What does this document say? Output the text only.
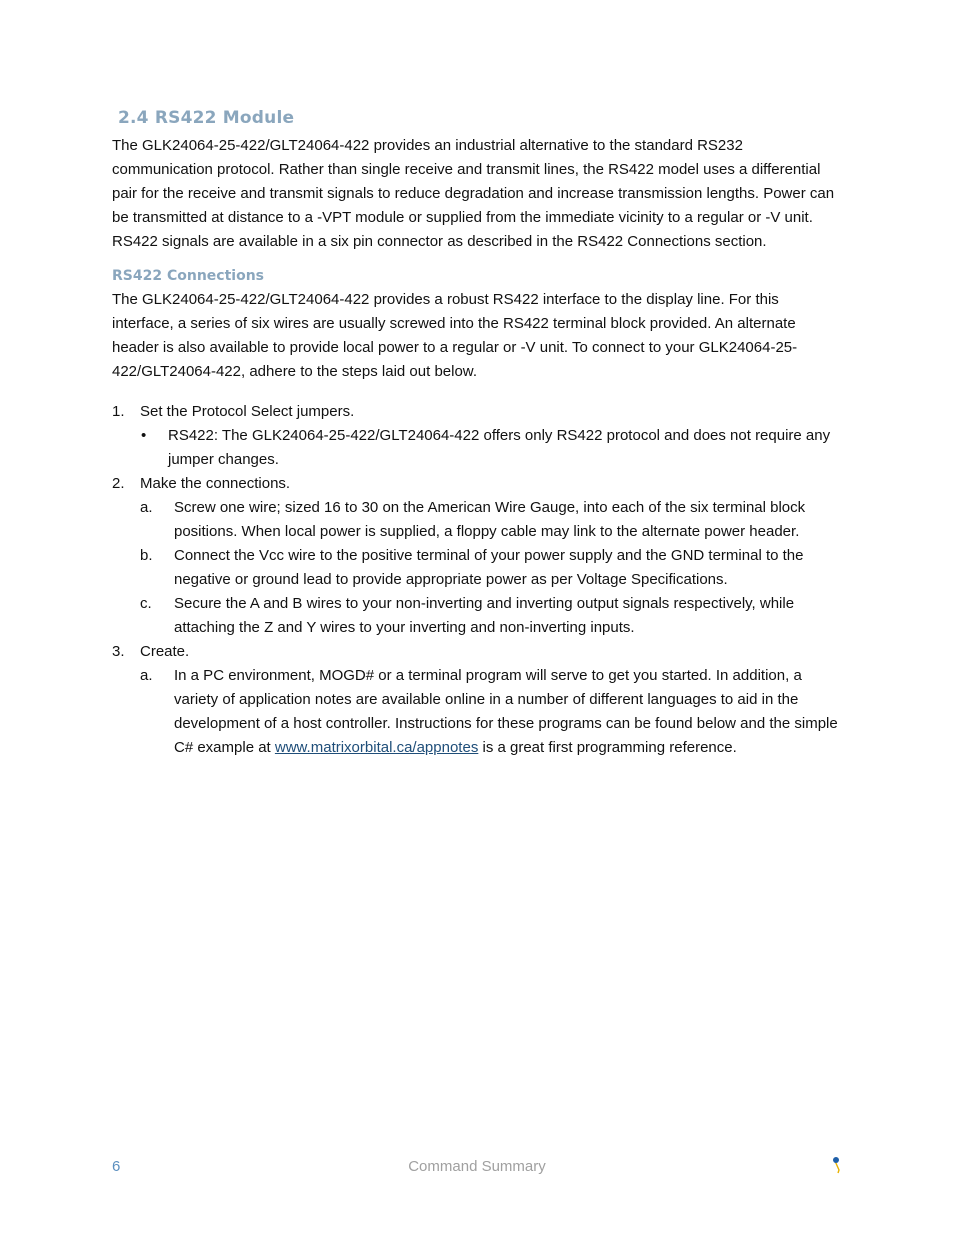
2.4 RS422 Module

The GLK24064-25-422/GLT24064-422 provides an industrial alternative to the standard RS232 communication protocol. Rather than single receive and transmit lines, the RS422 model uses a differential pair for the receive and transmit signals to reduce degradation and increase transmission lengths. Power can be transmitted at distance to a -VPT module or supplied from the immediate vicinity to a regular or -V unit. RS422 signals are available in a six pin connector as described in the RS422 Connections section.

RS422 Connections

The GLK24064-25-422/GLT24064-422 provides a robust RS422 interface to the display line. For this interface, a series of six wires are usually screwed into the RS422 terminal block provided. An alternate header is also available to provide local power to a regular or -V unit. To connect to your GLK24064-25-422/GLT24064-422, adhere to the steps laid out below.

1. Set the Protocol Select jumpers.
• RS422: The GLK24064-25-422/GLT24064-422 offers only RS422 protocol and does not require any jumper changes.
2. Make the connections.
a. Screw one wire; sized 16 to 30 on the American Wire Gauge, into each of the six terminal block positions. When local power is supplied, a floppy cable may link to the alternate power header.
b. Connect the Vcc wire to the positive terminal of your power supply and the GND terminal to the negative or ground lead to provide appropriate power as per Voltage Specifications.
c. Secure the A and B wires to your non-inverting and inverting output signals respectively, while attaching the Z and Y wires to your inverting and non-inverting inputs.
3. Create.
a. In a PC environment, MOGD# or a terminal program will serve to get you started. In addition, a variety of application notes are available online in a number of different languages to aid in the development of a host controller. Instructions for these programs can be found below and the simple C# example at www.matrixorbital.ca/appnotes is a great first programming reference.
6	Command Summary
